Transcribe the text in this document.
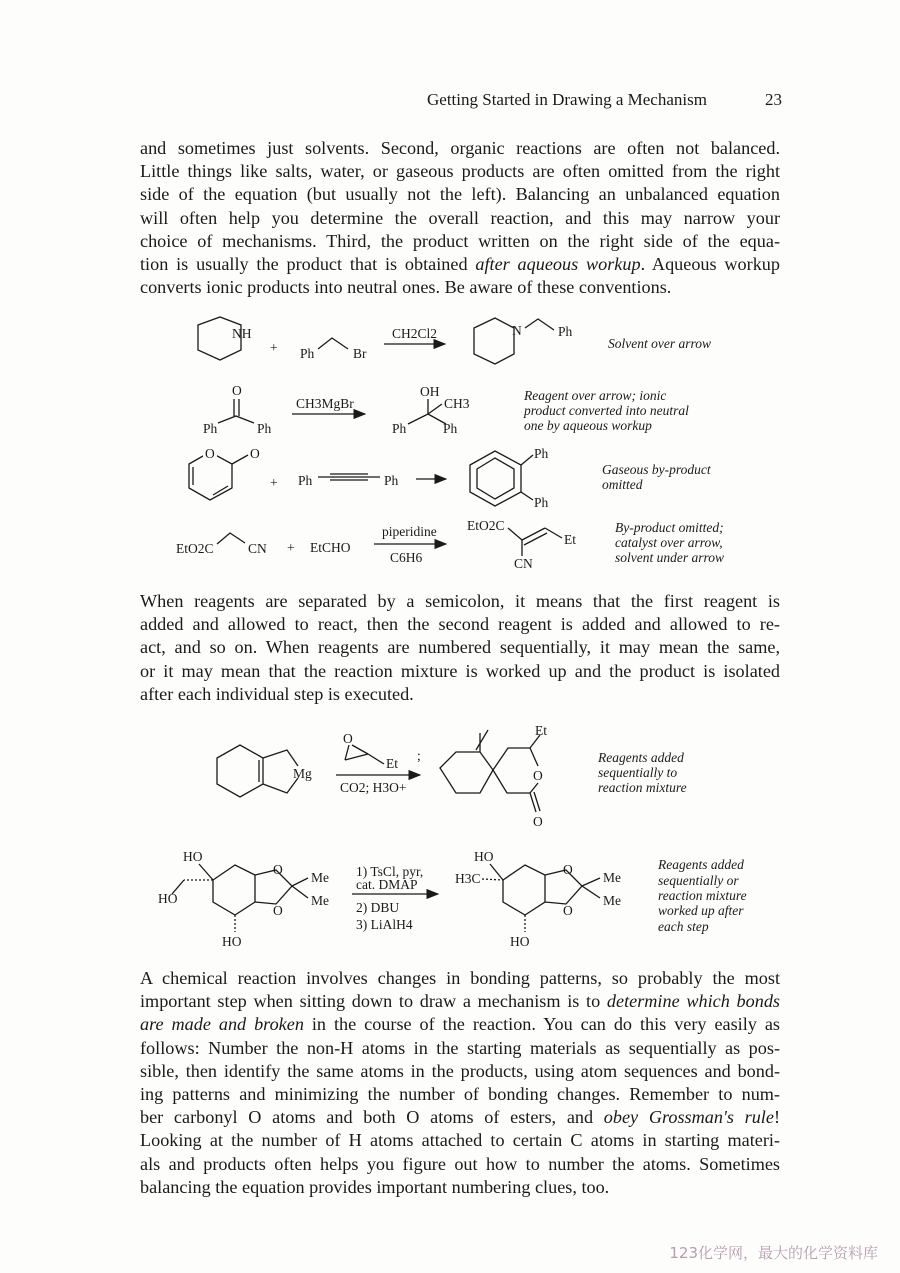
Getting Started in Drawing a Mechanism	23
and sometimes just solvents. Second, organic reactions are often not balanced.
Little things like salts, water, or gaseous products are often omitted from the right
side of the equation (but usually not the left). Balancing an unbalanced equation
will often help you determine the overall reaction, and this may narrow your
choice of mechanisms. Third, the product written on the right side of the equa-
tion is usually the product that is obtained after aqueous workup. Aqueous workup
converts ionic products into neutral ones. Be aware of these conventions.
NH
+ Ph	Br
CH2Cl2	N	Ph
Solvent over arrow
O
Ph	Ph
CH3MgBr
OH
CH3
Ph	Ph
Reagent over arrow; ionic
product converted into neutral
one by aqueous workup
O	O
+ Ph	Ph
Ph
Ph
Gaseous by-product
omitted
EtO2C	CN + EtCHO
piperidine
C6H6
EtO2C
Et
CN
By-product omitted;
catalyst over arrow,
solvent under arrow
Mg
O
Et
;
CO2; H3O+
Et
O
O
Reagents added
sequentially to
reaction mixture
HO
HO
HO
O
O
Me
Me
1) TsCl, pyr,
cat. DMAP
2) DBU
3) LiAlH4
HO
H3C
HO
O
O
Me
Me
Reagents added
sequentially or
reaction mixture
worked up after
each step
When reagents are separated by a semicolon, it means that the first reagent is
added and allowed to react, then the second reagent is added and allowed to re-
act, and so on. When reagents are numbered sequentially, it may mean the same,
or it may mean that the reaction mixture is worked up and the product is isolated
after each individual step is executed.
A chemical reaction involves changes in bonding patterns, so probably the most
important step when sitting down to draw a mechanism is to determine which bonds
are made and broken in the course of the reaction. You can do this very easily as
follows: Number the non-H atoms in the starting materials as sequentially as pos-
sible, then identify the same atoms in the products, using atom sequences and bond-
ing patterns and minimizing the number of bonding changes. Remember to num-
ber carbonyl O atoms and both O atoms of esters, and obey Grossman's rule!
Looking at the number of H atoms attached to certain C atoms in starting materi-
als and products often helps you figure out how to number the atoms. Sometimes
balancing the equation provides important numbering clues, too.
123化学网，最大的化学资料库
